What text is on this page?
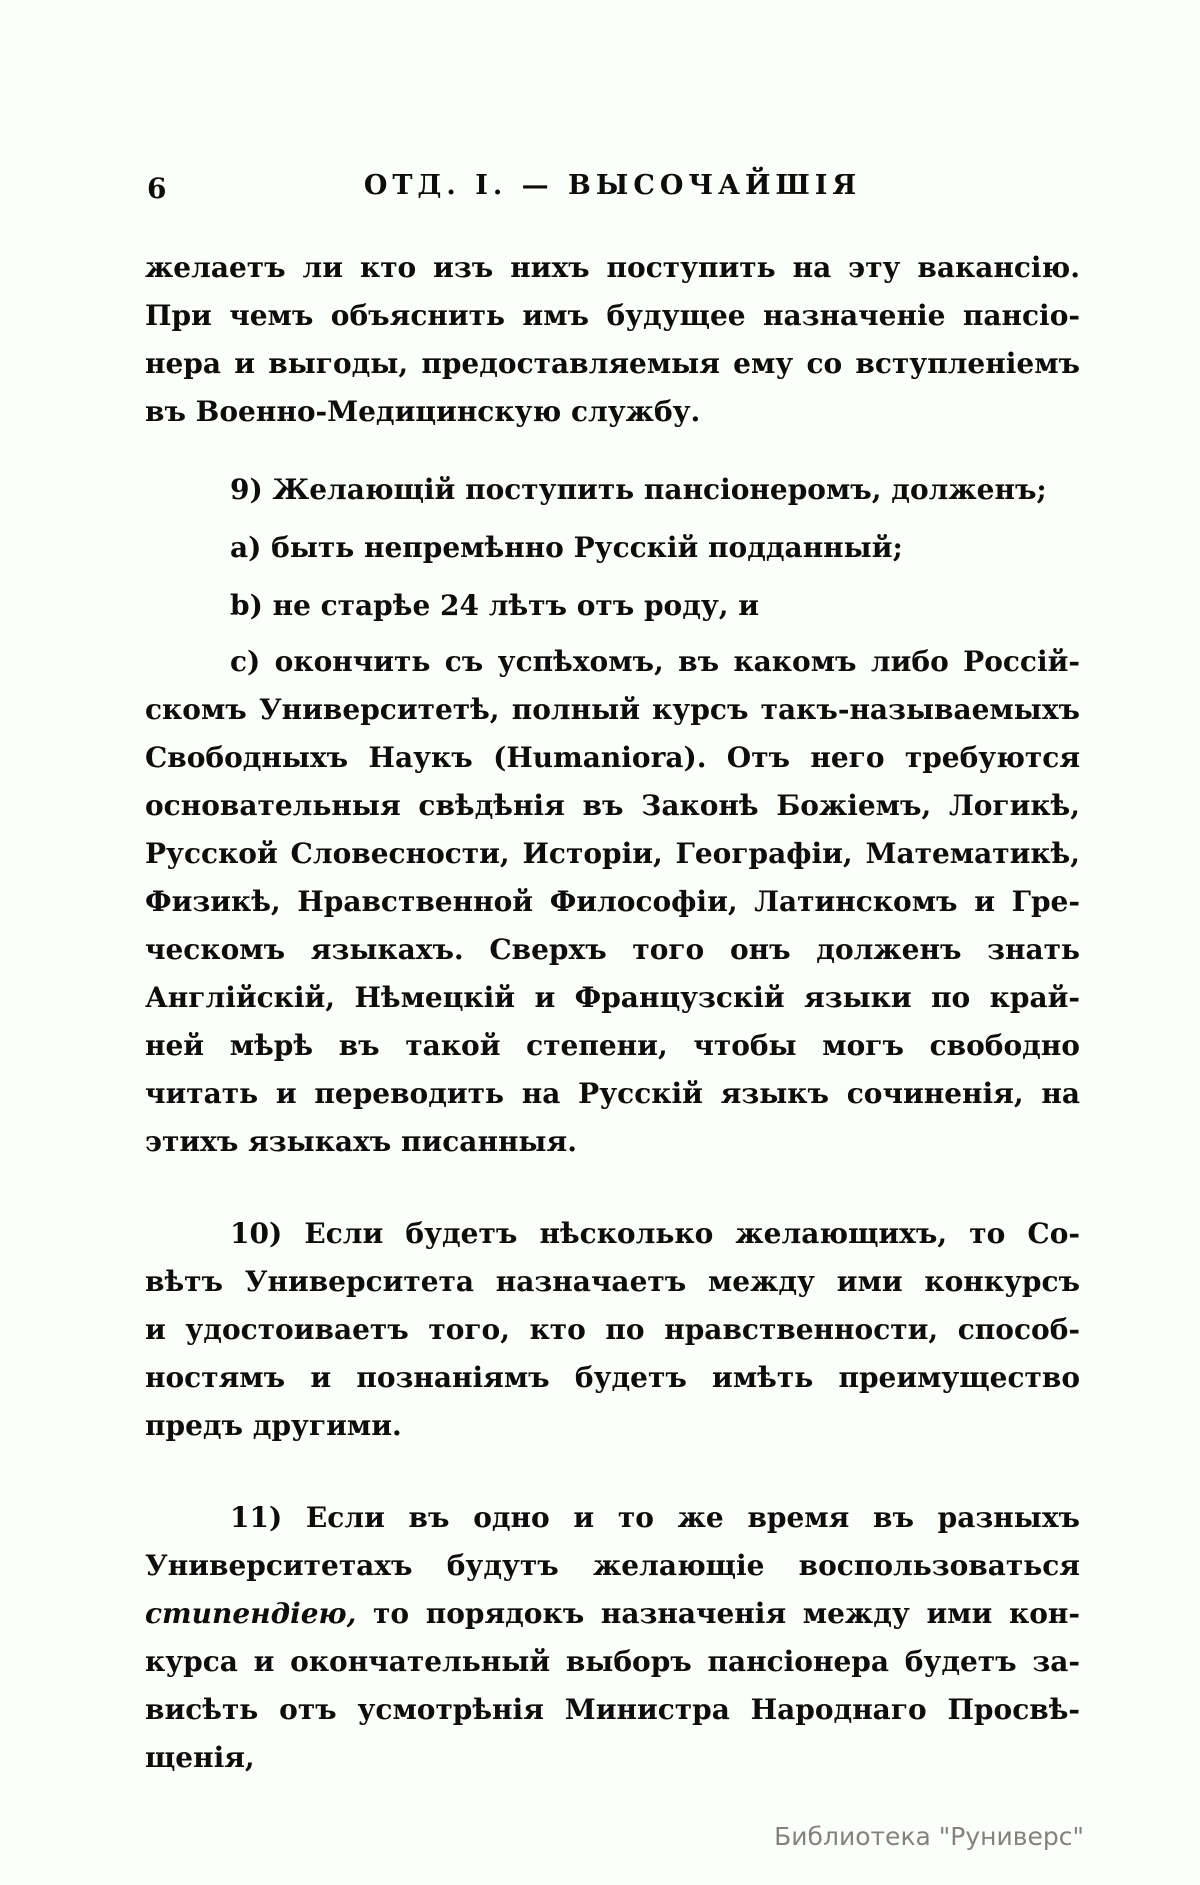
6	ОТД. I. — ВЫСОЧАЙШІЯ

желаетъ ли кто изъ нихъ поступить на эту вакансію.
При чемъ объяснить имъ будущее назначеніе пансіо-
нера и выгоды, предоставляемыя ему со вступленіемъ
въ Военно-Медицинскую службу.

9) Желающій поступить пансіонеромъ, долженъ;

a) быть непремѣнно Русскій подданный;

b) не старѣе 24 лѣтъ отъ роду, и

c) окончить съ успѣхомъ, въ какомъ либо Россій-
скомъ Университетѣ, полный курсъ такъ-называемыхъ
Свободныхъ Наукъ (Humaniora). Отъ него требуются
основательныя свѣдѣнія въ Законѣ Божіемъ, Логикѣ,
Русской Словесности, Исторіи, Географіи, Математикѣ,
Физикѣ, Нравственной Философіи, Латинскомъ и Гре-
ческомъ языкахъ. Сверхъ того онъ долженъ знать
Англійскій, Нѣмецкій и Французскій языки по край-
ней мѣрѣ въ такой степени, чтобы могъ свободно
читать и переводить на Русскій языкъ сочиненія, на
этихъ языкахъ писанныя.

10) Если будетъ нѣсколько желающихъ, то Со-
вѣтъ Университета назначаетъ между ими конкурсъ
и удостоиваетъ того, кто по нравственности, способ-
ностямъ и познаніямъ будетъ имѣть преимущество
предъ другими.

11) Если въ одно и то же время въ разныхъ
Университетахъ будутъ желающіе воспользоваться
стипендіею, то порядокъ назначенія между ими кон-
курса и окончательный выборъ пансіонера будетъ за-
висѣть отъ усмотрѣнія Министра Народнаго Просвѣ-
щенія,

Библиотека "Руниверс"
